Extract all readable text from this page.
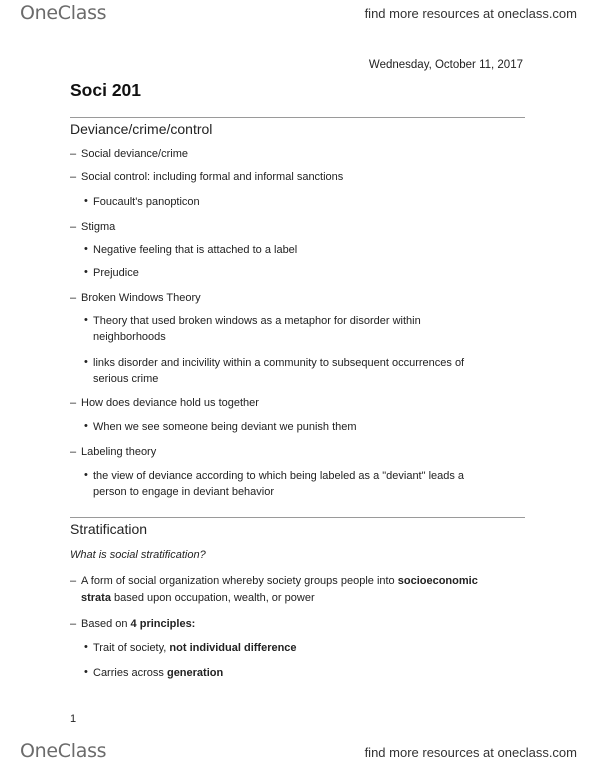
OneClass	find more resources at oneclass.com
Wednesday, October 11, 2017
Soci 201
Deviance/crime/control
– Social deviance/crime
– Social control: including formal and informal sanctions
• Foucault's panopticon
– Stigma
• Negative feeling that is attached to a label
• Prejudice
– Broken Windows Theory
• Theory that used broken windows as a metaphor for disorder within
neighborhoods
• links disorder and incivility within a community to subsequent occurrences of
serious crime
– How does deviance hold us together
• When we see someone being deviant we punish them
– Labeling theory
• the view of deviance according to which being labeled as a "deviant" leads a
person to engage in deviant behavior
Stratification
What is social stratification?
– A form of social organization whereby society groups people into socioeconomic
strata based upon occupation, wealth, or power
– Based on 4 principles:
• Trait of society, not individual difference
• Carries across generation
1
OneClass	find more resources at oneclass.com
